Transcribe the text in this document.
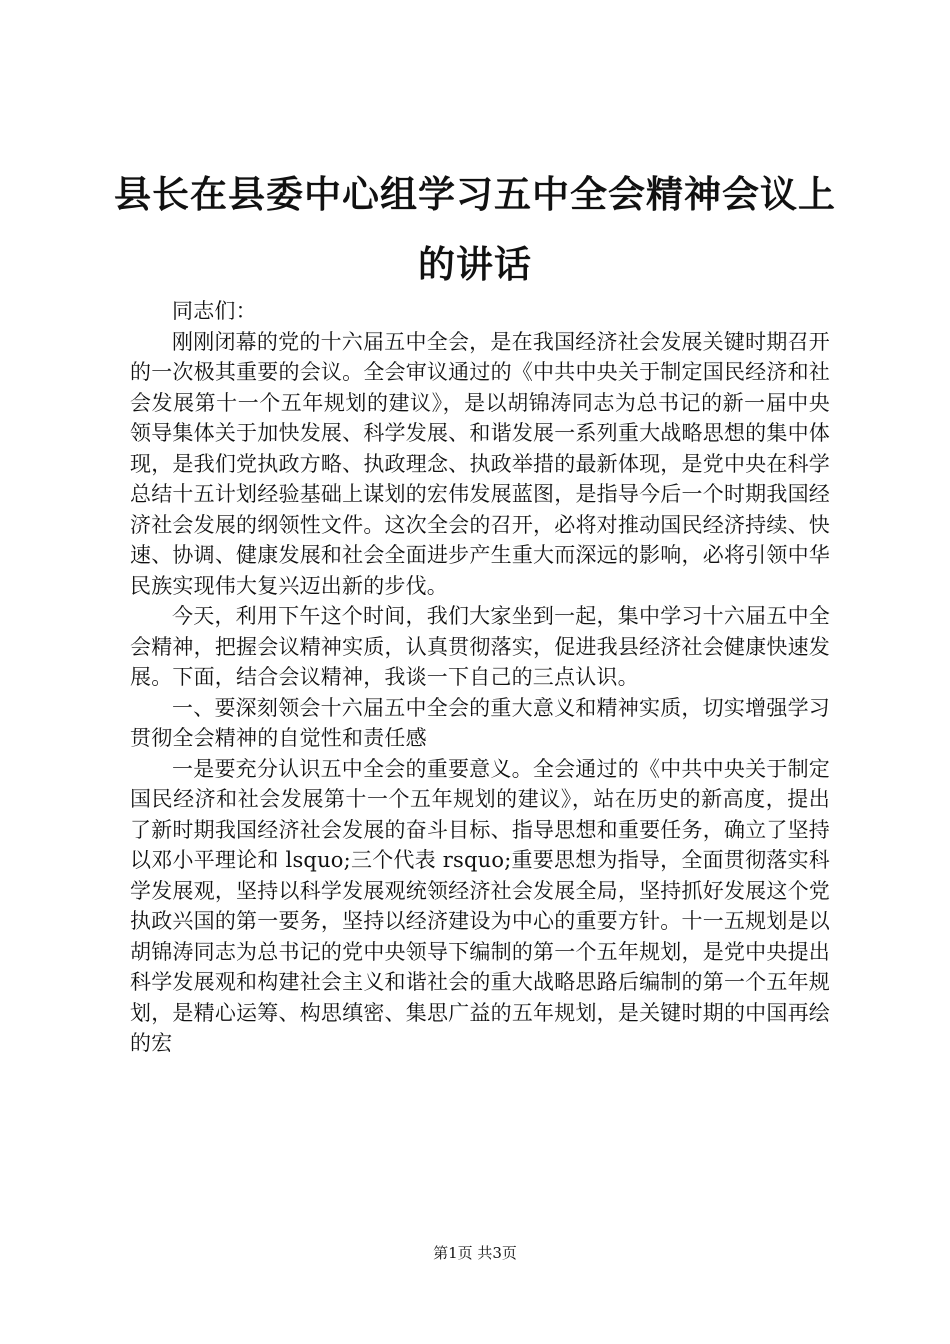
县长在县委中心组学习五中全会精神会议上的讲话

同志们：

刚刚闭幕的党的十六届五中全会，是在我国经济社会发展关键时期召开的一次极其重要的会议。全会审议通过的《中共中央关于制定国民经济和社会发展第十一个五年规划的建议》，是以胡锦涛同志为总书记的新一届中央领导集体关于加快发展、科学发展、和谐发展一系列重大战略思想的集中体现，是我们党执政方略、执政理念、执政举措的最新体现，是党中央在科学总结十五计划经验基础上谋划的宏伟发展蓝图，是指导今后一个时期我国经济社会发展的纲领性文件。这次全会的召开，必将对推动国民经济持续、快速、协调、健康发展和社会全面进步产生重大而深远的影响，必将引领中华民族实现伟大复兴迈出新的步伐。

今天，利用下午这个时间，我们大家坐到一起，集中学习十六届五中全会精神，把握会议精神实质，认真贯彻落实，促进我县经济社会健康快速发展。下面，结合会议精神，我谈一下自己的三点认识。

一、要深刻领会十六届五中全会的重大意义和精神实质，切实增强学习贯彻全会精神的自觉性和责任感

一是要充分认识五中全会的重要意义。全会通过的《中共中央关于制定国民经济和社会发展第十一个五年规划的建议》，站在历史的新高度，提出了新时期我国经济社会发展的奋斗目标、指导思想和重要任务，确立了坚持以邓小平理论和 lsquo;三个代表 rsquo;重要思想为指导，全面贯彻落实科学发展观，坚持以科学发展观统领经济社会发展全局，坚持抓好发展这个党执政兴国的第一要务，坚持以经济建设为中心的重要方针。十一五规划是以胡锦涛同志为总书记的党中央领导下编制的第一个五年规划，是党中央提出科学发展观和构建社会主义和谐社会的重大战略思路后编制的第一个五年规划，是精心运筹、构思缜密、集思广益的五年规划，是关键时期的中国再绘的宏

第1页 共3页
